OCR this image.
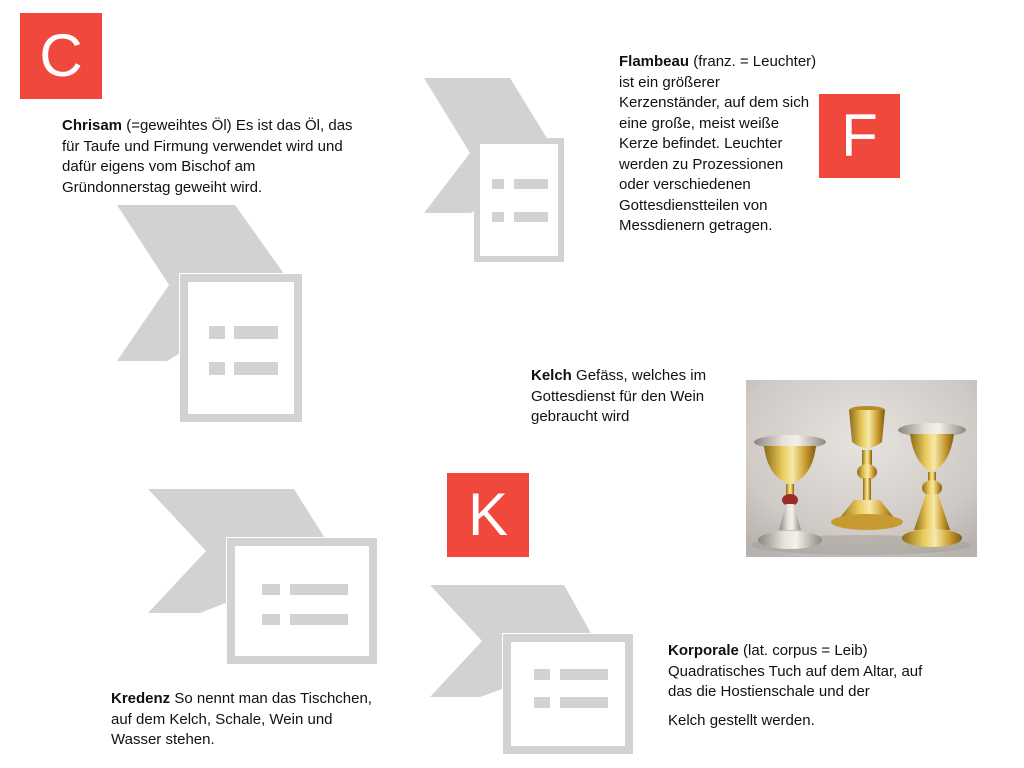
C
F
K
Chrisam (=geweihtes Öl) Es ist das Öl, das für Taufe und Firmung verwendet wird und dafür eigens vom Bischof am Gründonnerstag geweiht wird.
Flambeau (franz. = Leuchter) ist ein größerer Kerzenständer, auf dem sich eine große, meist weiße Kerze befindet. Leuchter werden zu Prozessionen oder verschiedenen Gottesdienstteilen von Messdienern getragen.
Kelch Gefäss, welches im Gottesdienst für den Wein gebraucht wird
Kredenz So nennt man das Tischchen, auf dem Kelch, Schale, Wein und Wasser stehen.
Korporale (lat. corpus = Leib) Quadratisches Tuch auf dem Altar, auf das die Hostienschale und der
Kelch gestellt werden.
